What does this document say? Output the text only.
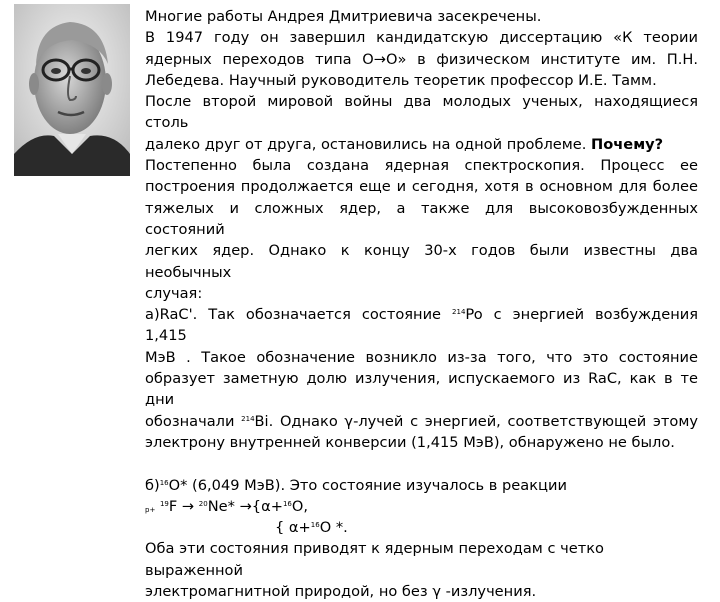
Многие работы Андрея Дмитриевича засекречены.

В 1947 году он завершил кандидатскую диссертацию «К теории

ядерных переходов типа О→О» в физическом институте им. П.Н.

Лебедева. Научный руководитель теоретик профессор И.Е. Тамм.

После второй мировой войны два молодых ученых, находящиеся столь

далеко друг от друга, остановились на одной проблеме. Почему?

Постепенно была создана ядерная спектроскопия. Процесс ее

построения продолжается еще и сегодня, хотя в основном для более

тяжелых и сложных ядер, а также для высоковозбужденных состояний

легких ядер. Однако к концу 30-х годов были известны два необычных

случая:

а)RaC'. Так обозначается состояние $^{214}$Po с энергией возбуждения 1,415

МэВ . Такое обозначение возникло из-за того, что это состояние

образует заметную долю излучения, испускаемого из RaC, как в те дни

обозначали $^{214}$Bi. Однако γ-лучей с энергией, соответствующей этому

электрону внутренней конверсии (1,415 МэВ), обнаружено не было.

б)$^{16}$О* (6,049 МэВ). Это состояние изучалось в реакции

$_{p+}$ $^{19}$F → $^{20}$Ne* →{α+$^{16}$O,

{ α+$^{16}$O *.

Оба эти состояния приводят к ядерным переходам с четко выраженной

электромагнитной природой, но без γ -излучения.
